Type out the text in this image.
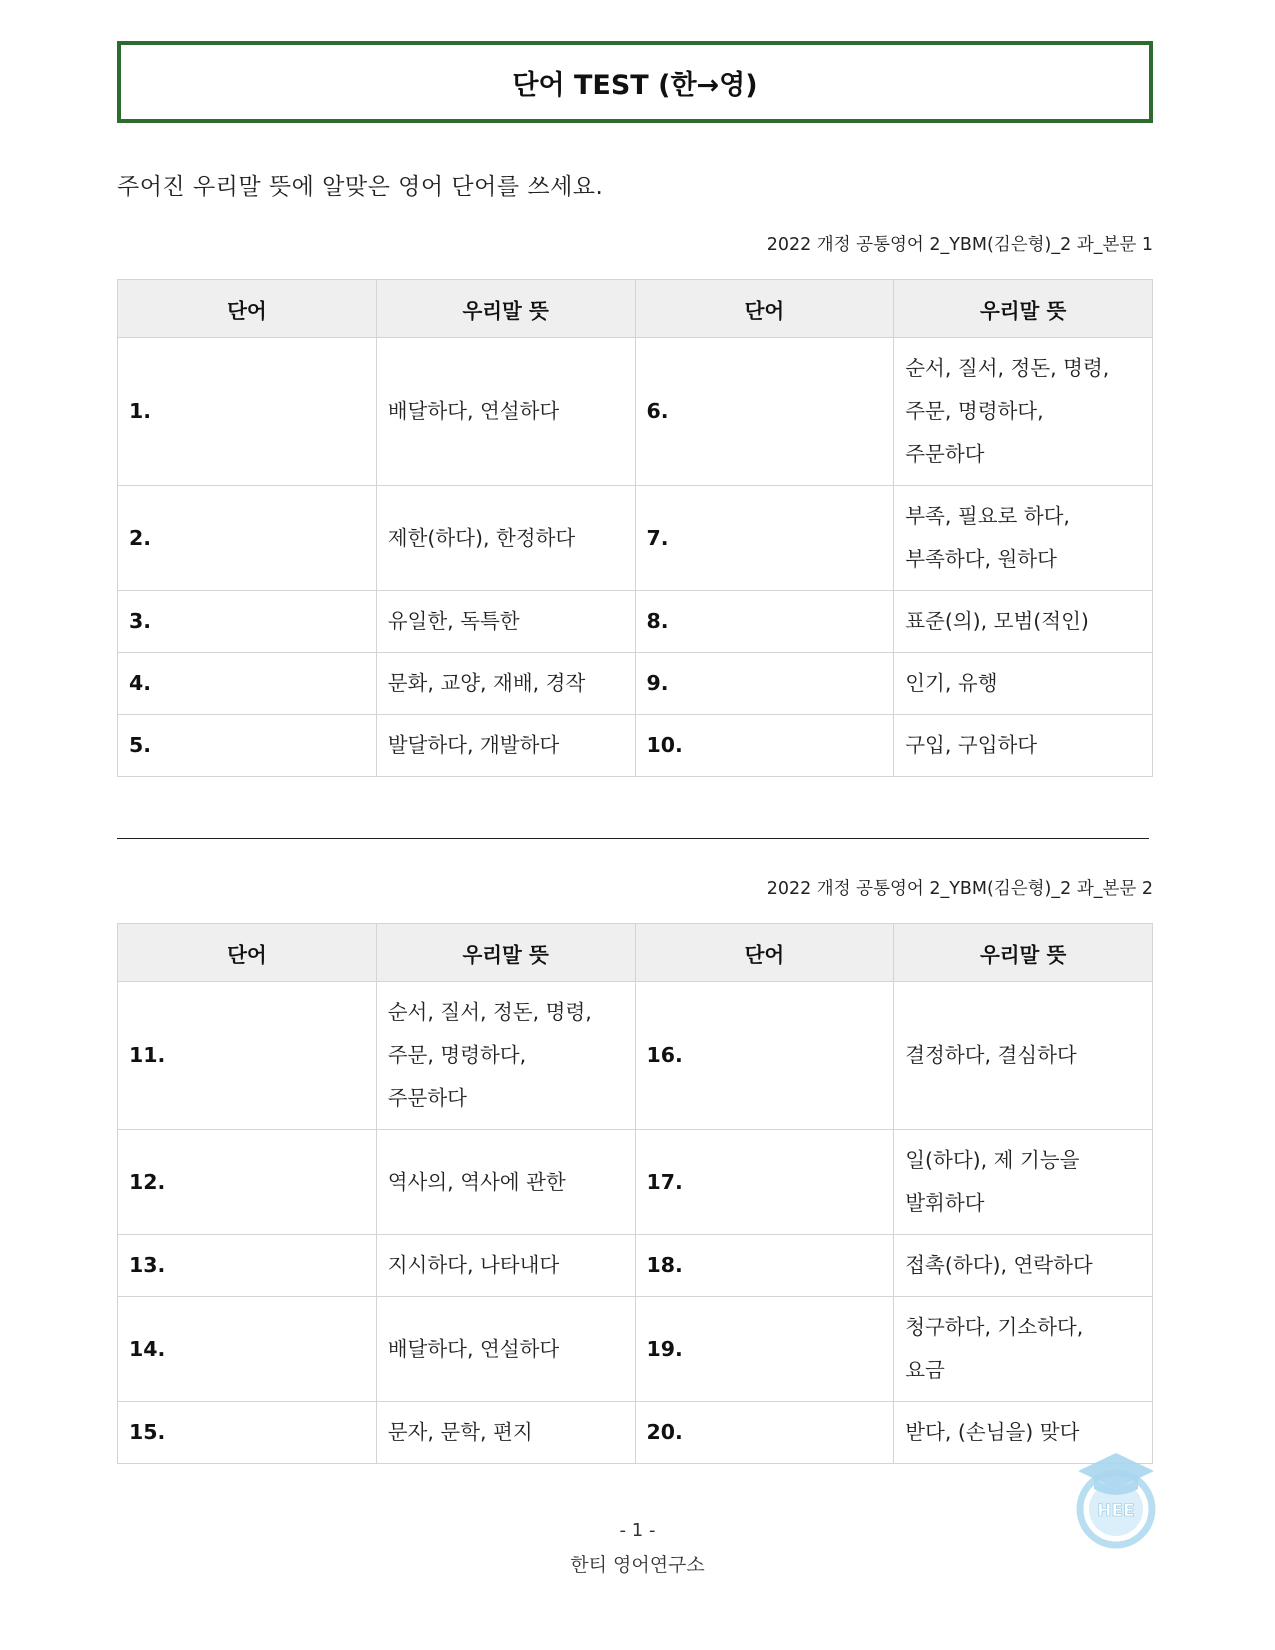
단어 TEST (한→영)
주어진 우리말 뜻에 알맞은 영어 단어를 쓰세요.
2022 개정 공통영어 2_YBM(김은형)_2 과_본문 1
단어	우리말 뜻	단어	우리말 뜻
1.	배달하다, 연설하다	6.	순서, 질서, 정돈, 명령,
주문, 명령하다,
주문하다
2.	제한(하다), 한정하다	7.	부족, 필요로 하다,
부족하다, 원하다
3.	유일한, 독특한	8.	표준(의), 모범(적인)
4.	문화, 교양, 재배, 경작	9.	인기, 유행
5.	발달하다, 개발하다	10.	구입, 구입하다
2022 개정 공통영어 2_YBM(김은형)_2 과_본문 2
단어	우리말 뜻	단어	우리말 뜻
11.	순서, 질서, 정돈, 명령,
주문, 명령하다,
주문하다	16.	결정하다, 결심하다
12.	역사의, 역사에 관한	17.	일(하다), 제 기능을
발휘하다
13.	지시하다, 나타내다	18.	접촉(하다), 연락하다
14.	배달하다, 연설하다	19.	청구하다, 기소하다,
요금
15.	문자, 문학, 편지	20.	받다, (손님을) 맞다
- 1 -
한티 영어연구소
HEE
